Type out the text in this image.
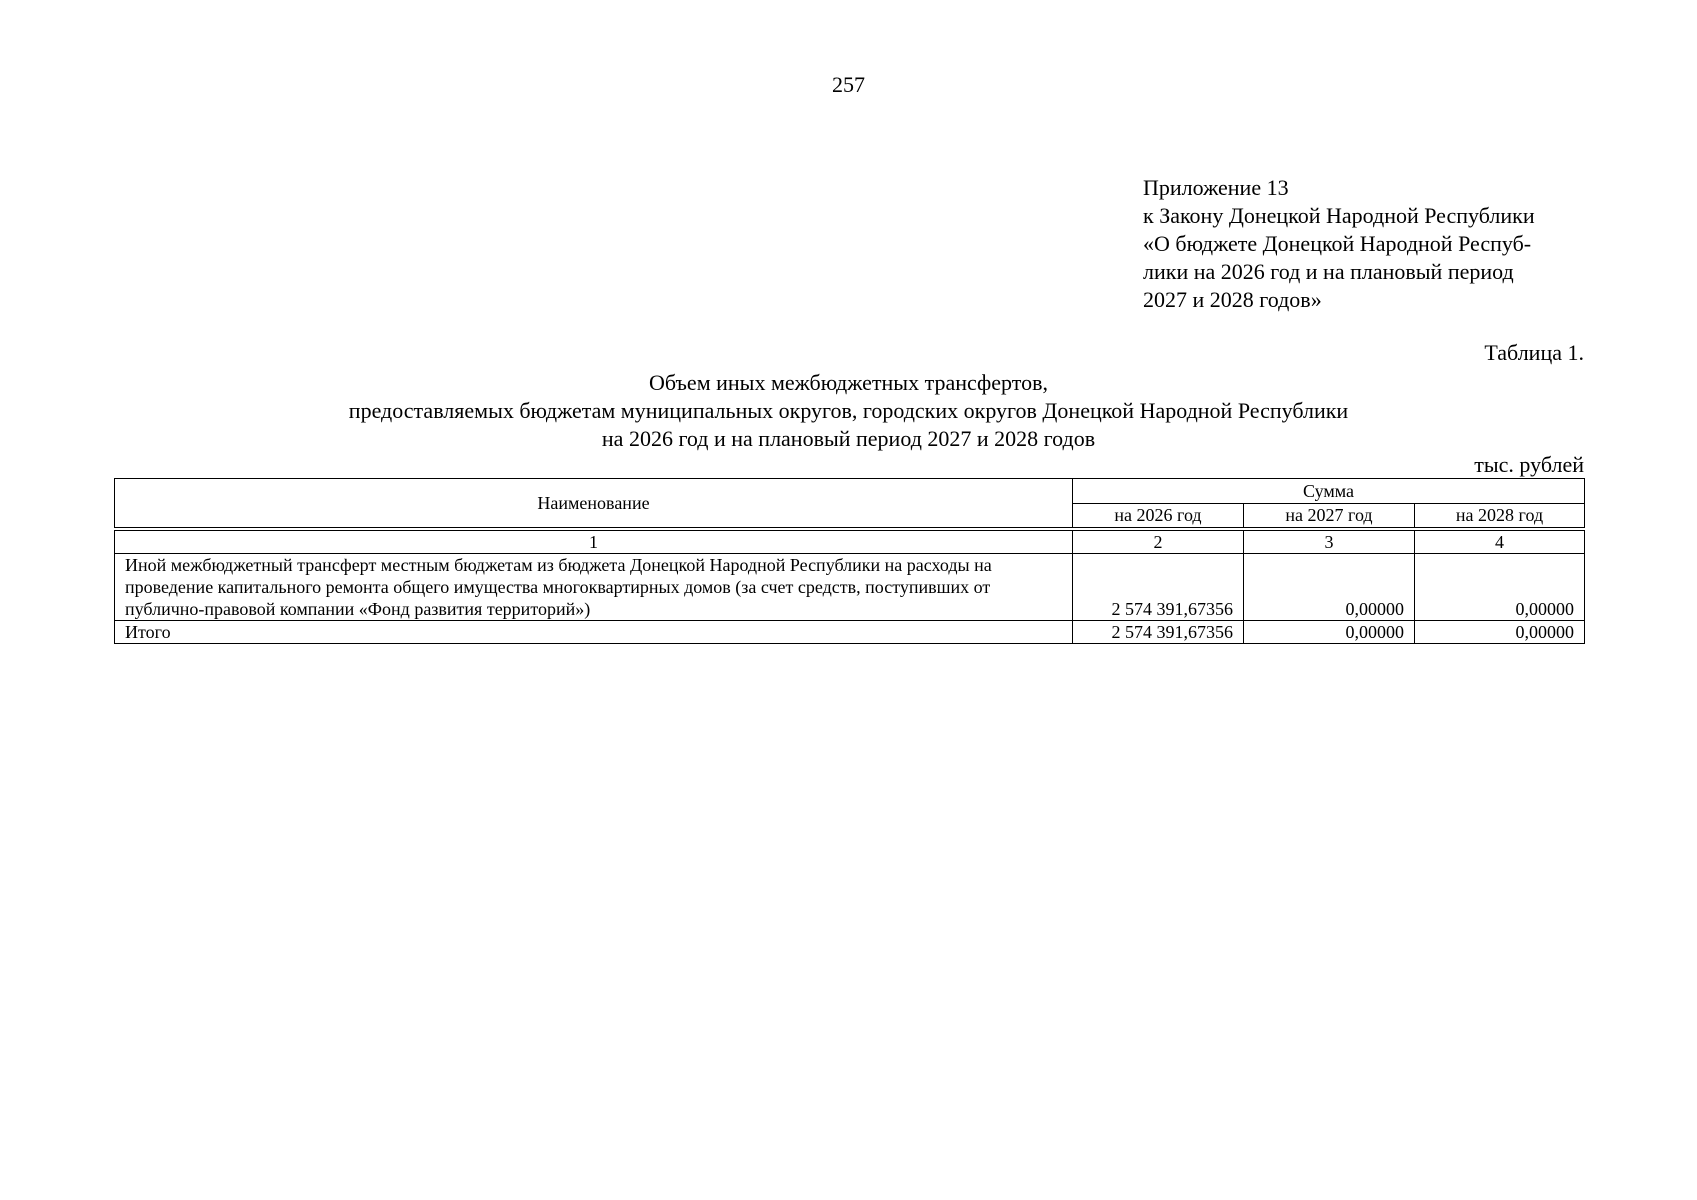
257
Приложение 13
к Закону Донецкой Народной Республики
«О бюджете Донецкой Народной Респуб-
лики на 2026 год и на плановый период
2027 и 2028 годов»
Таблица 1.
Объем иных межбюджетных трансфертов,
предоставляемых бюджетам муниципальных округов, городских округов Донецкой Народной Республики
на 2026 год и на плановый период 2027 и 2028 годов
тыс. рублей
Наименование	Сумма		
	на 2026 год	на 2027 год	на 2028 год

1	2	3	4
Иной межбюджетный трансферт местным бюджетам из бюджета Донецкой Народной Республики на расходы на проведение капитального ремонта общего имущества многоквартирных домов (за счет средств, поступивших от публично-правовой компании «Фонд развития территорий»)	2 574 391,67356	0,00000	0,00000
Итого	2 574 391,67356	0,00000	0,00000
